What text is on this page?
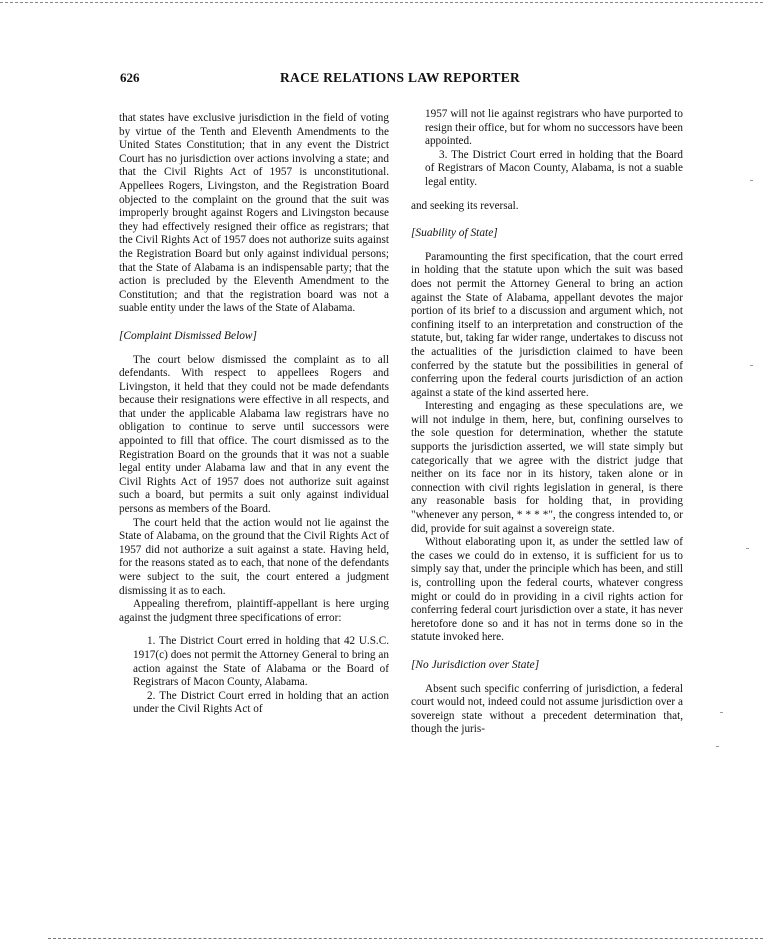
626	RACE RELATIONS LAW REPORTER

that states have exclusive jurisdiction in the field of voting by virtue of the Tenth and Eleventh Amendments to the United States Constitution; that in any event the District Court has no jurisdiction over actions involving a state; and that the Civil Rights Act of 1957 is unconstitutional. Appellees Rogers, Livingston, and the Registration Board objected to the complaint on the ground that the suit was improperly brought against Rogers and Livingston because they had effectively resigned their office as registrars; that the Civil Rights Act of 1957 does not authorize suits against the Registration Board but only against individual persons; that the State of Alabama is an indispensable party; that the action is precluded by the Eleventh Amendment to the Constitution; and that the registration board was not a suable entity under the laws of the State of Alabama.

[Complaint Dismissed Below]

The court below dismissed the complaint as to all defendants. With respect to appellees Rogers and Livingston, it held that they could not be made defendants because their resignations were effective in all respects, and that under the applicable Alabama law registrars have no obligation to continue to serve until successors were appointed to fill that office. The court dismissed as to the Registration Board on the grounds that it was not a suable legal entity under Alabama law and that in any event the Civil Rights Act of 1957 does not authorize suit against such a board, but permits a suit only against individual persons as members of the Board.

The court held that the action would not lie against the State of Alabama, on the ground that the Civil Rights Act of 1957 did not authorize a suit against a state. Having held, for the reasons stated as to each, that none of the defendants were subject to the suit, the court entered a judgment dismissing it as to each.

Appealing therefrom, plaintiff-appellant is here urging against the judgment three specifications of error:

1. The District Court erred in holding that 42 U.S.C. 1917(c) does not permit the Attorney General to bring an action against the State of Alabama or the Board of Registrars of Macon County, Alabama.

2. The District Court erred in holding that an action under the Civil Rights Act of

1957 will not lie against registrars who have purported to resign their office, but for whom no successors have been appointed.

3. The District Court erred in holding that the Board of Registrars of Macon County, Alabama, is not a suable legal entity.

and seeking its reversal.

[Suability of State]

Paramounting the first specification, that the court erred in holding that the statute upon which the suit was based does not permit the Attorney General to bring an action against the State of Alabama, appellant devotes the major portion of its brief to a discussion and argument which, not confining itself to an interpretation and construction of the statute, but, taking far wider range, undertakes to discuss not the actualities of the jurisdiction claimed to have been conferred by the statute but the possibilities in general of conferring upon the federal courts jurisdiction of an action against a state of the kind asserted here.

Interesting and engaging as these speculations are, we will not indulge in them, here, but, confining ourselves to the sole question for determination, whether the statute supports the jurisdiction asserted, we will state simply but categorically that we agree with the district judge that neither on its face nor in its history, taken alone or in connection with civil rights legislation in general, is there any reasonable basis for holding that, in providing "whenever any person, * * * *", the congress intended to, or did, provide for suit against a sovereign state.

Without elaborating upon it, as under the settled law of the cases we could do in extenso, it is sufficient for us to simply say that, under the principle which has been, and still is, controlling upon the federal courts, whatever congress might or could do in providing in a civil rights action for conferring federal court jurisdiction over a state, it has never heretofore done so and it has not in terms done so in the statute invoked here.

[No Jurisdiction over State]

Absent such specific conferring of jurisdiction, a federal court would not, indeed could not assume jurisdiction over a sovereign state without a precedent determination that, though the juris-
